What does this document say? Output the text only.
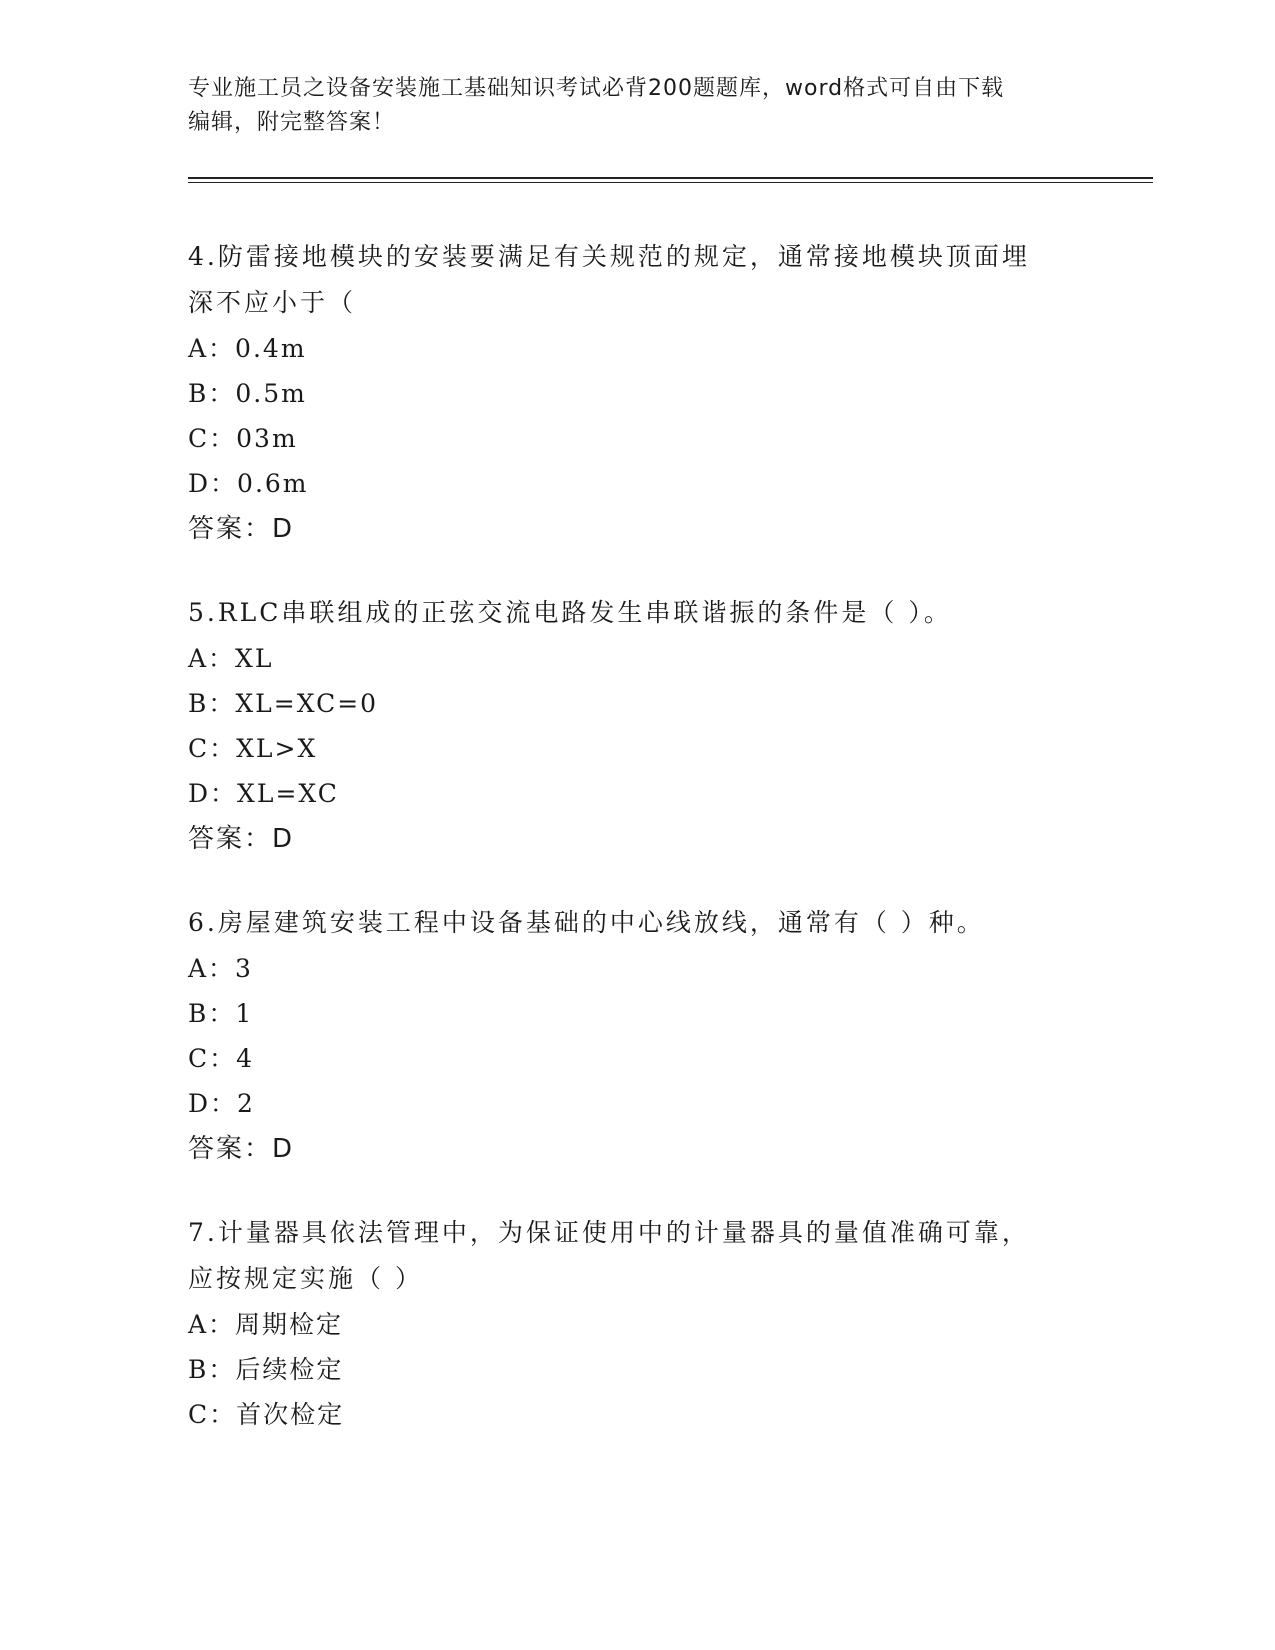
专业施工员之设备安装施工基础知识考试必背200题题库，word格式可自由下载
编辑，附完整答案！

4.防雷接地模块的安装要满足有关规范的规定，通常接地模块顶面埋
深不应小于（

A：0.4m
B：0.5m
C：03m
D：0.6m
答案：D

5.RLC串联组成的正弦交流电路发生串联谐振的条件是（ ）。

A：XL
B：XL=XC=0
C：XL>X
D：XL=XC
答案：D

6.房屋建筑安装工程中设备基础的中心线放线，通常有（ ）种。

A：3
B：1
C：4
D：2
答案：D

7.计量器具依法管理中，为保证使用中的计量器具的量值准确可靠，
应按规定实施（ ）

A：周期检定
B：后续检定
C：首次检定
